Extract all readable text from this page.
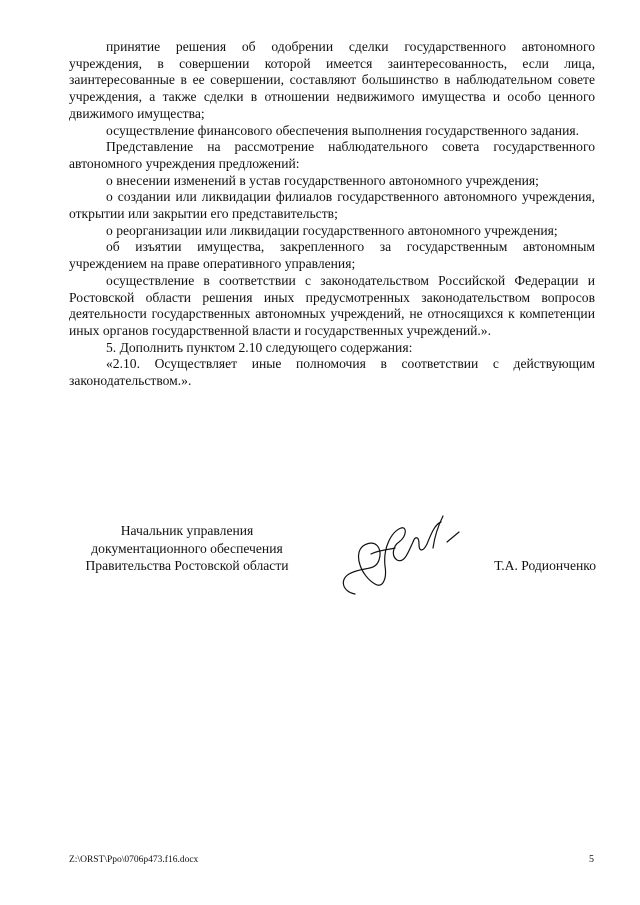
принятие решения об одобрении сделки государственного автономного учреждения, в совершении которой имеется заинтересованность, если лица, заинтересованные в ее совершении, составляют большинство в наблюдательном совете учреждения, а также сделки в отношении недвижимого имущества и особо ценного движимого имущества;

осуществление финансового обеспечения выполнения государственного задания.

Представление на рассмотрение наблюдательного совета государственного автономного учреждения предложений:

о внесении изменений в устав государственного автономного учреждения;

о создании или ликвидации филиалов государственного автономного учреждения, открытии или закрытии его представительств;

о реорганизации или ликвидации государственного автономного учреждения;

об изъятии имущества, закрепленного за государственным автономным учреждением на праве оперативного управления;

осуществление в соответствии с законодательством Российской Федерации и Ростовской области решения иных предусмотренных законодательством вопросов деятельности государственных автономных учреждений, не относящихся к компетенции иных органов государственной власти и государственных учреждений.».

5. Дополнить пунктом 2.10 следующего содержания:

«2.10. Осуществляет иные полномочия в соответствии с действующим законодательством.».

Начальник управления
документационного обеспечения
Правительства Ростовской области	Т.А. Родионченко
Z:\ORST\Ppo\0706p473.f16.docx	5
